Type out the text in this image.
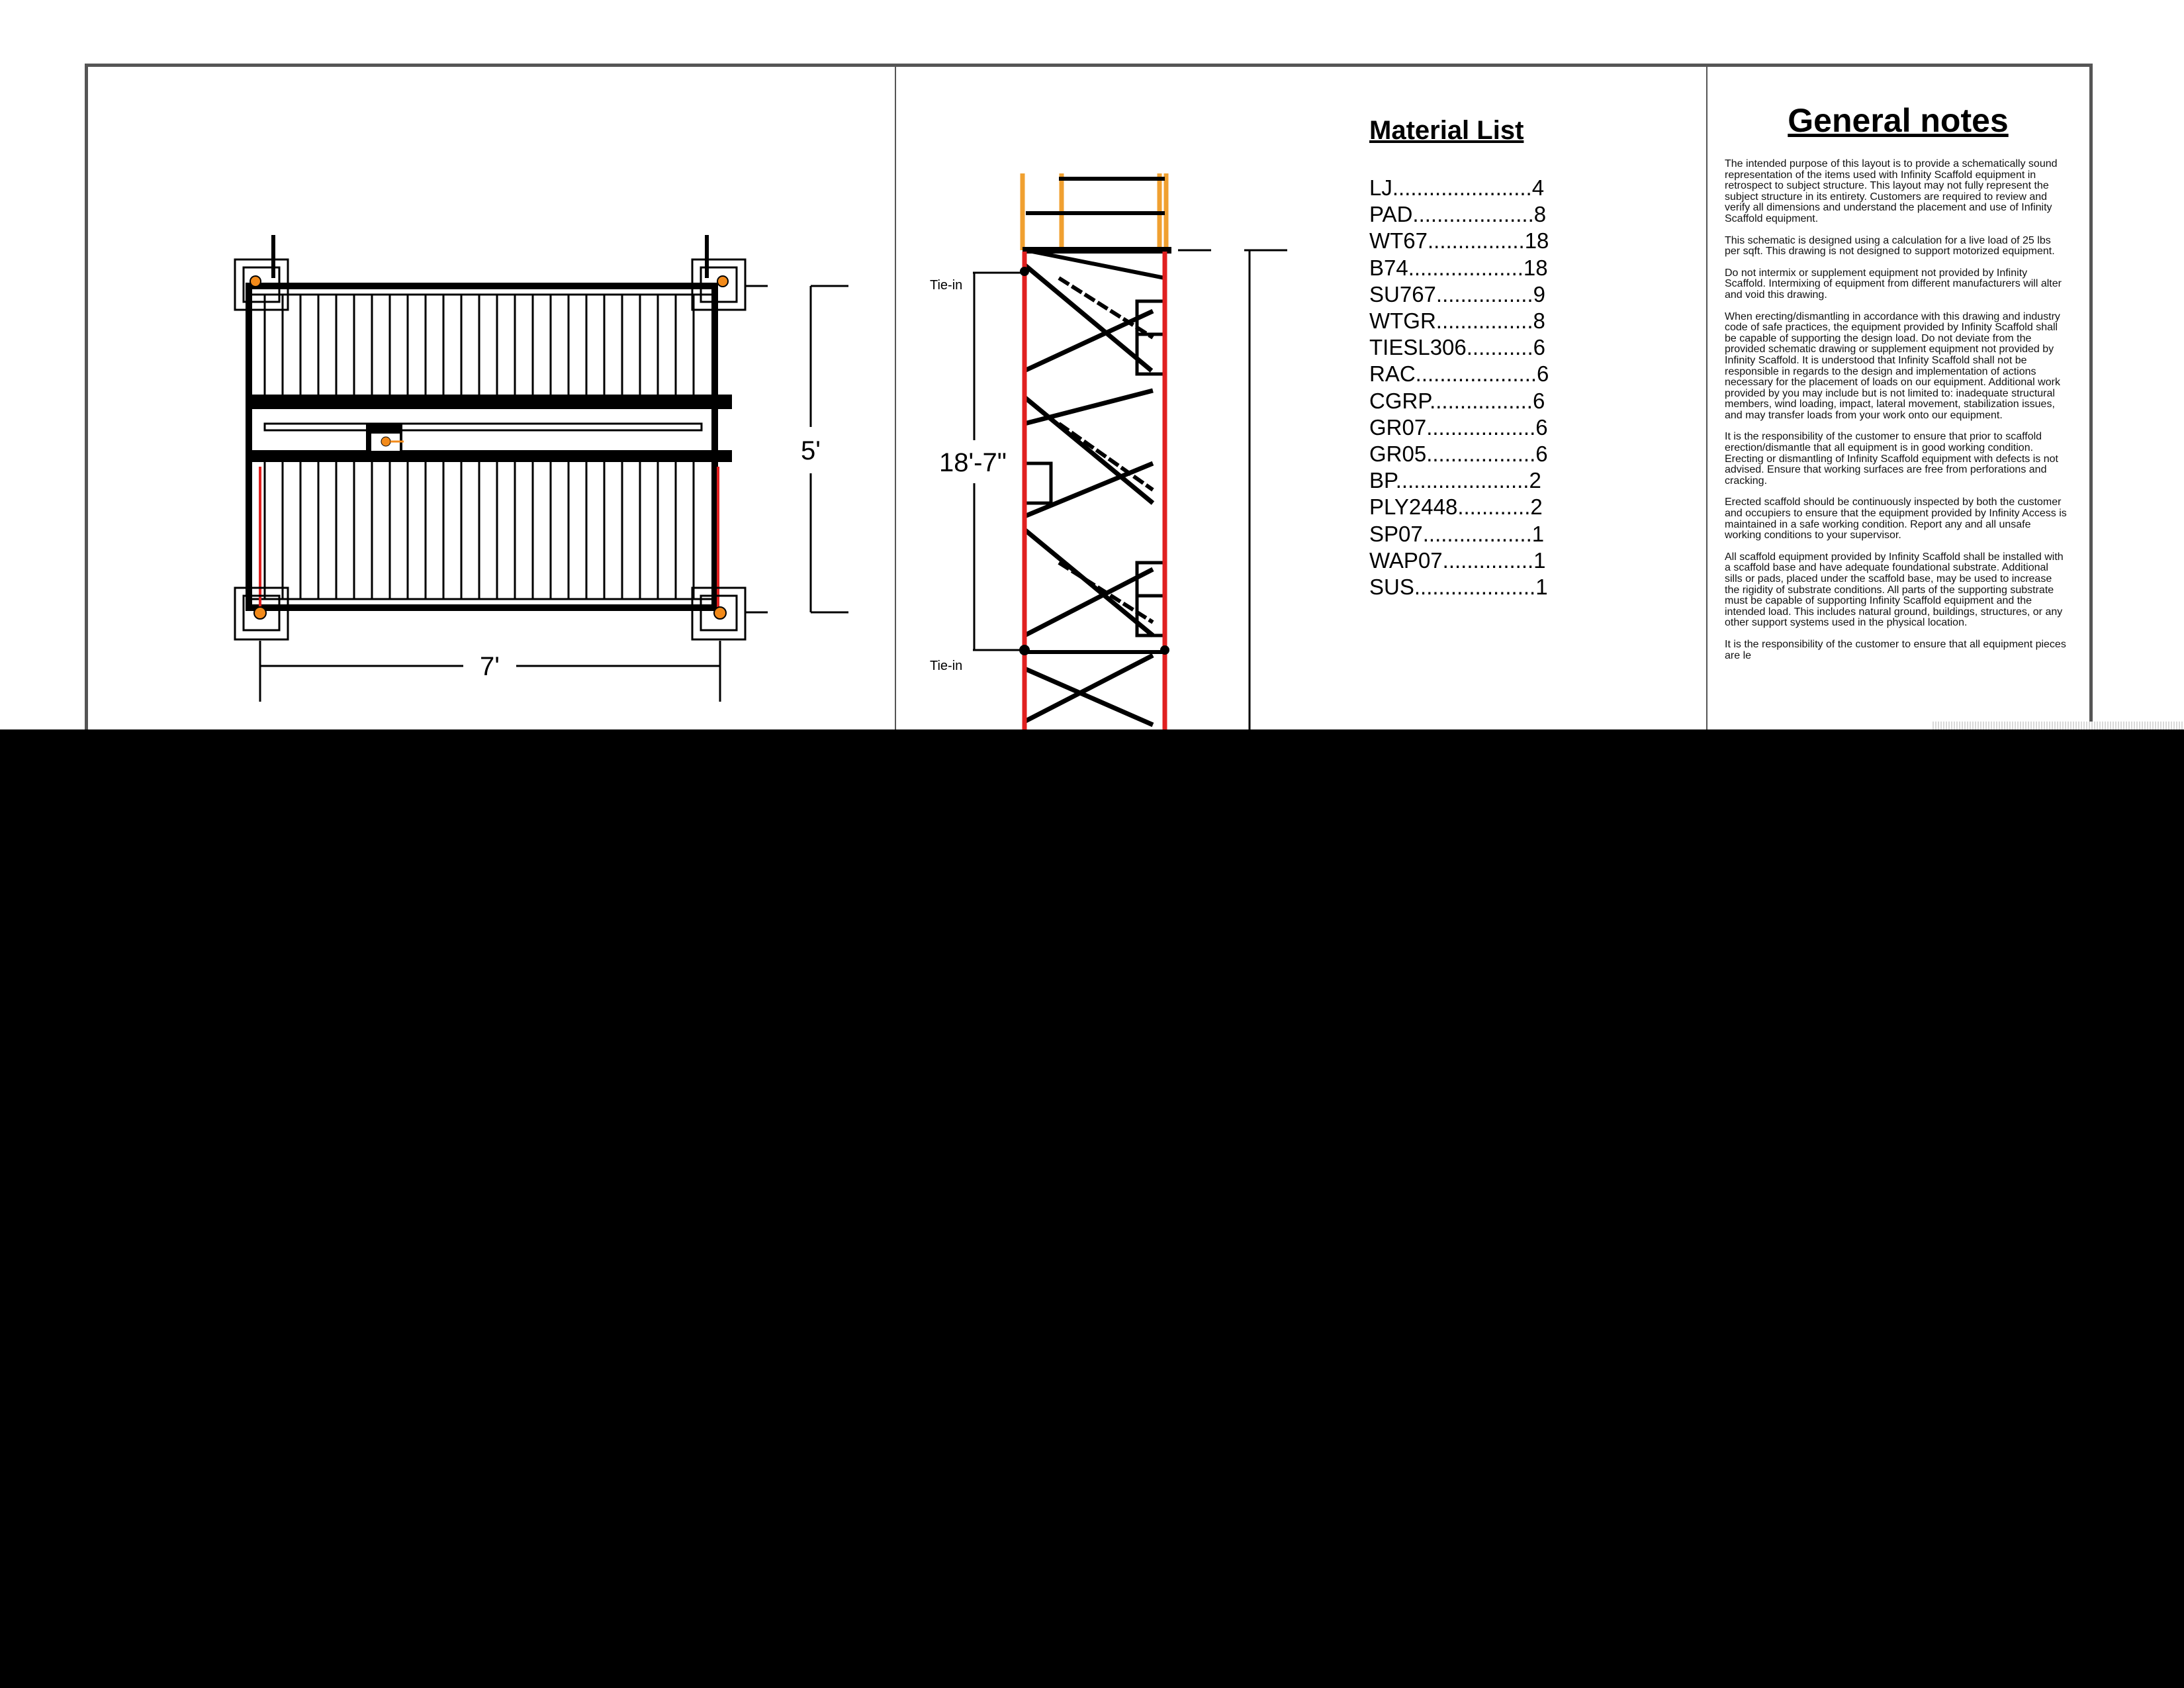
5'
7'
18'-7"
Tie-in
Tie-in
Material List
LJ.......................4
PAD....................8
WT67................18
B74...................18
SU767................9
WTGR................8
TIESL306...........6
RAC....................6
CGRP.................6
GR07..................6
GR05..................6
BP......................2
PLY2448............2
SP07..................1
WAP07...............1
SUS....................1
General notes

The intended purpose of this layout is to provide a schematically sound representation of the items used with Infinity Scaffold equipment in retrospect to subject structure. This layout may not fully represent the subject structure in its entirety. Customers are required to review and verify all dimensions and understand the placement and use of Infinity Scaffold equipment.

This schematic is designed using a calculation for a live load of 25 lbs per sqft. This drawing is not designed to support motorized equipment.

Do not intermix or supplement equipment not provided by Infinity Scaffold. Intermixing of equipment from different manufacturers will alter and void this drawing.

When erecting/dismantling in accordance with this drawing and industry code of safe practices, the equipment provided by Infinity Scaffold shall be capable of supporting the design load. Do not deviate from the provided schematic drawing or supplement equipment not provided by Infinity Scaffold. It is understood that Infinity Scaffold shall not be responsible in regards to the design and implementation of actions necessary for the placement of loads on our equipment. Additional work provided by you may include but is not limited to: inadequate structural members, wind loading, impact, lateral movement, stabilization issues, and may transfer loads from your work onto our equipment.

It is the responsibility of the customer to ensure that prior to scaffold erection/dismantle that all equipment is in good working condition. Erecting or dismantling of Infinity Scaffold equipment with defects is not advised. Ensure that working surfaces are free from perforations and cracking.

Erected scaffold should be continuously inspected by both the customer and occupiers to ensure that the equipment provided by Infinity Access is maintained in a safe working condition. Report any and all unsafe working conditions to your supervisor.

All scaffold equipment provided by Infinity Scaffold shall be installed with a scaffold base and have adequate foundational substrate. Additional sills or pads, placed under the scaffold base, may be used to increase the rigidity of substrate conditions. All parts of the supporting substrate must be capable of supporting Infinity Scaffold equipment and the intended load. This includes natural ground, buildings, structures, or any other support systems used in the physical location.

It is the responsibility of the customer to ensure that all equipment pieces are le
